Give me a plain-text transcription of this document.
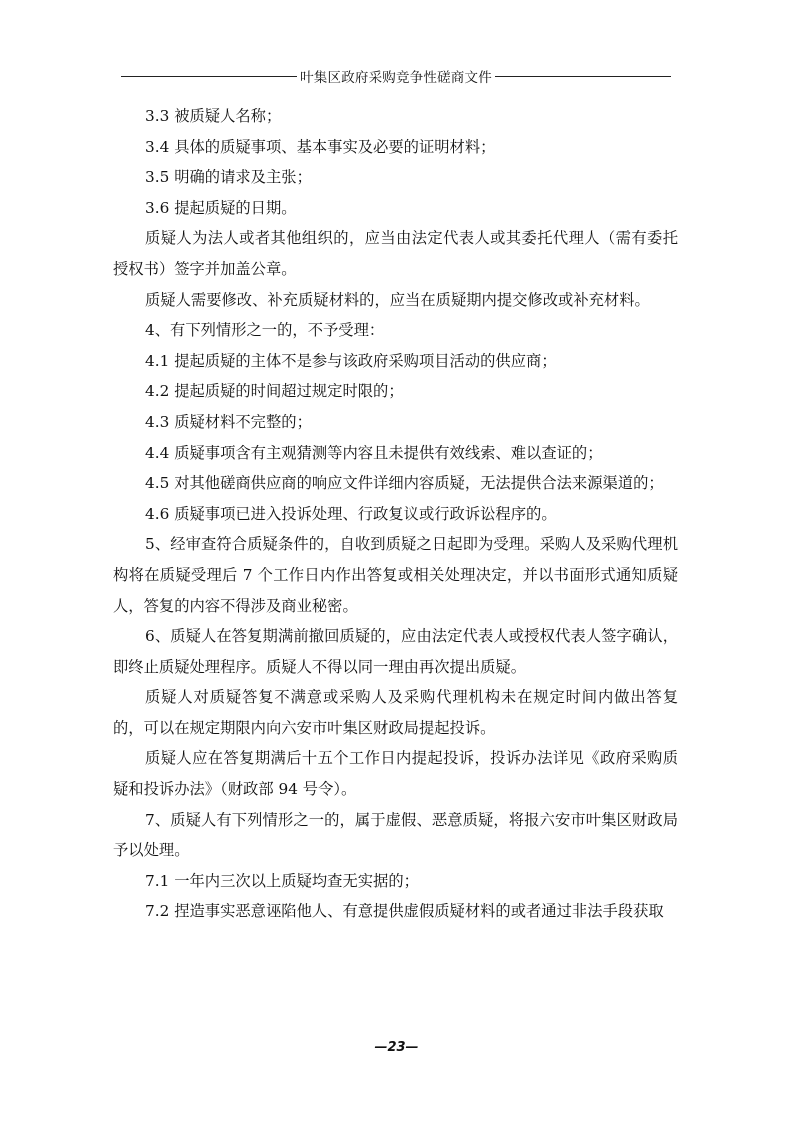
叶集区政府采购竞争性磋商文件

3.3 被质疑人名称；

3.4 具体的质疑事项、基本事实及必要的证明材料；

3.5 明确的请求及主张；

3.6 提起质疑的日期。

质疑人为法人或者其他组织的，应当由法定代表人或其委托代理人（需有委托授权书）签字并加盖公章。

质疑人需要修改、补充质疑材料的，应当在质疑期内提交修改或补充材料。

4、有下列情形之一的，不予受理：

4.1 提起质疑的主体不是参与该政府采购项目活动的供应商；

4.2 提起质疑的时间超过规定时限的；

4.3 质疑材料不完整的；

4.4 质疑事项含有主观猜测等内容且未提供有效线索、难以查证的；

4.5 对其他磋商供应商的响应文件详细内容质疑，无法提供合法来源渠道的；

4.6 质疑事项已进入投诉处理、行政复议或行政诉讼程序的。

5、经审查符合质疑条件的，自收到质疑之日起即为受理。采购人及采购代理机构将在质疑受理后 7 个工作日内作出答复或相关处理决定，并以书面形式通知质疑人，答复的内容不得涉及商业秘密。

6、质疑人在答复期满前撤回质疑的，应由法定代表人或授权代表人签字确认，即终止质疑处理程序。质疑人不得以同一理由再次提出质疑。

质疑人对质疑答复不满意或采购人及采购代理机构未在规定时间内做出答复的，可以在规定期限内向六安市叶集区财政局提起投诉。

质疑人应在答复期满后十五个工作日内提起投诉，投诉办法详见《政府采购质疑和投诉办法》（财政部 94 号令）。

7、质疑人有下列情形之一的，属于虚假、恶意质疑，将报六安市叶集区财政局予以处理。

7.1 一年内三次以上质疑均查无实据的；

7.2 捏造事实恶意诬陷他人、有意提供虚假质疑材料的或者通过非法手段获取

—23—
